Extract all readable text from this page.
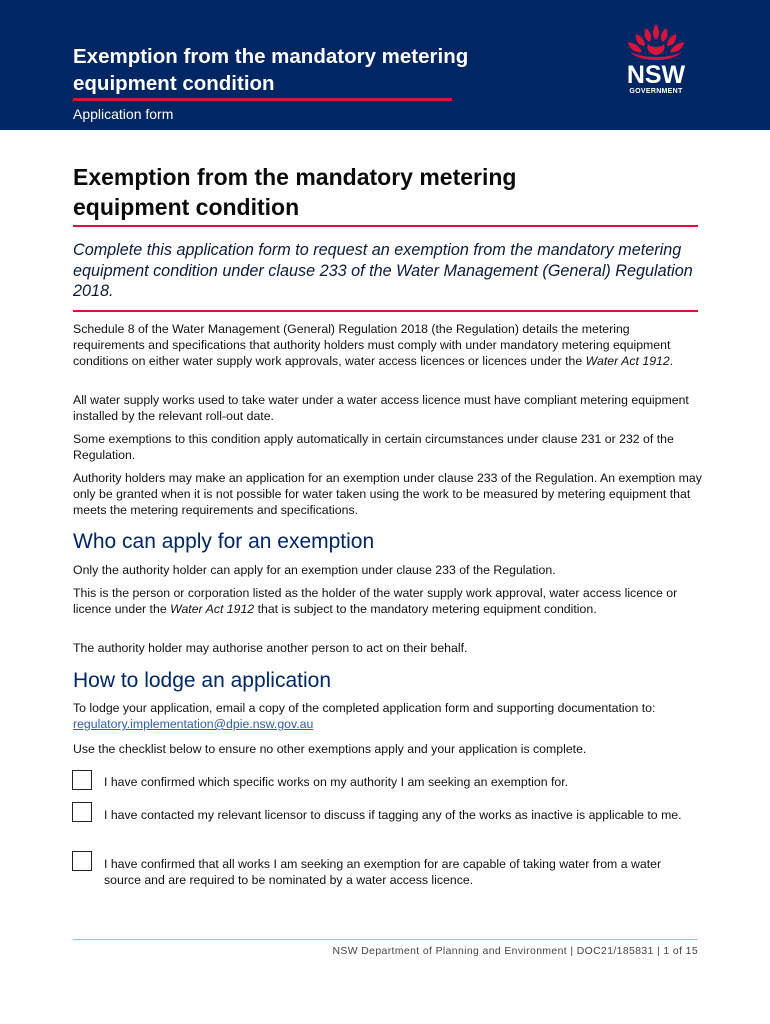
Exemption from the mandatory metering
equipment condition
Application form
NSW
GOVERNMENT
Exemption from the mandatory metering
equipment condition
Complete this application form to request an exemption from the mandatory metering equipment condition under clause 233 of the Water Management (General) Regulation 2018.
Schedule 8 of the Water Management (General) Regulation 2018 (the Regulation) details the metering requirements and specifications that authority holders must comply with under mandatory metering equipment conditions on either water supply work approvals, water access licences or licences under the Water Act 1912.
All water supply works used to take water under a water access licence must have compliant metering equipment installed by the relevant roll-out date.
Some exemptions to this condition apply automatically in certain circumstances under clause 231 or 232 of the Regulation.
Authority holders may make an application for an exemption under clause 233 of the Regulation. An exemption may only be granted when it is not possible for water taken using the work to be measured by metering equipment that meets the metering requirements and specifications.
Who can apply for an exemption
Only the authority holder can apply for an exemption under clause 233 of the Regulation.
This is the person or corporation listed as the holder of the water supply work approval, water access licence or licence under the Water Act 1912 that is subject to the mandatory metering equipment condition.
The authority holder may authorise another person to act on their behalf.
How to lodge an application
To lodge your application, email a copy of the completed application form and supporting documentation to: regulatory.implementation@dpie.nsw.gov.au
Use the checklist below to ensure no other exemptions apply and your application is complete.
I have confirmed which specific works on my authority I am seeking an exemption for.
I have contacted my relevant licensor to discuss if tagging any of the works as inactive is applicable to me.
I have confirmed that all works I am seeking an exemption for are capable of taking water from a water source and are required to be nominated by a water access licence.
NSW Department of Planning and Environment | DOC21/185831 | 1 of 15
